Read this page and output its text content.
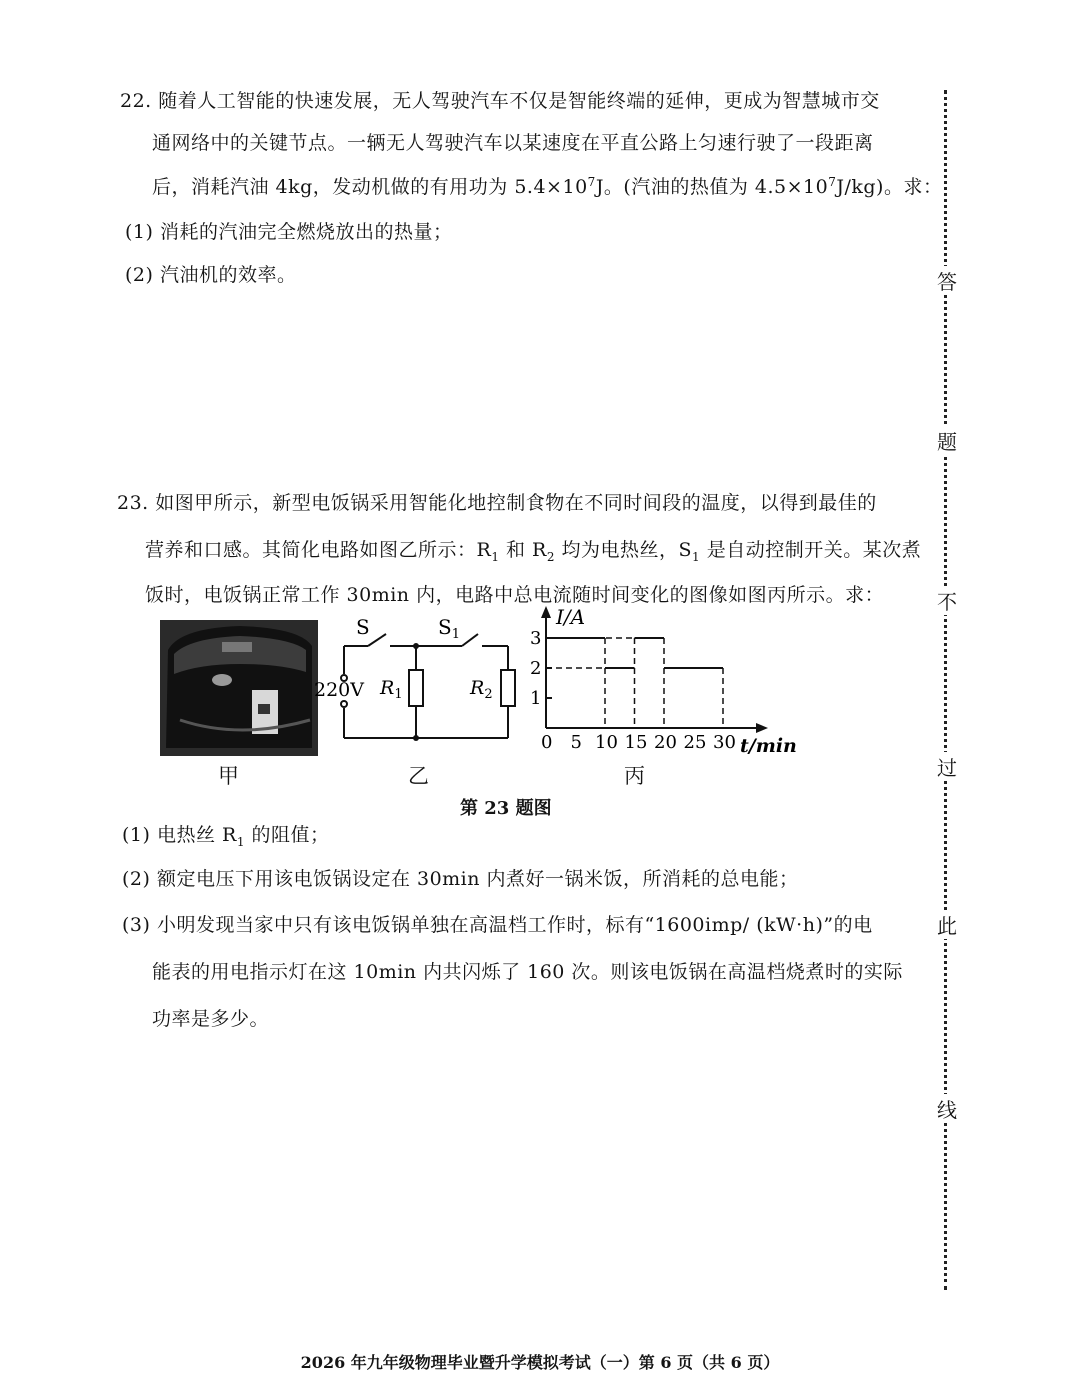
22. 随着人工智能的快速发展，无人驾驶汽车不仅是智能终端的延伸，更成为智慧城市交
通网络中的关键节点。一辆无人驾驶汽车以某速度在平直公路上匀速行驶了一段距离
后，消耗汽油 4kg，发动机做的有用功为 $5.4\times 10^7J$。(汽油的热值为 $4.5\times 10^7J/kg$)。求：
(1) 消耗的汽油完全燃烧放出的热量；
(2) 汽油机的效率。
23. 如图甲所示，新型电饭锅采用智能化地控制食物在不同时间段的温度，以得到最佳的
营养和口感。其简化电路如图乙所示：$R_1$ 和 $R_2$ 均为电热丝，$S_1$ 是自动控制开关。某次煮
饭时，电饭锅正常工作 30min 内，电路中总电流随时间变化的图像如图丙所示。求：
甲
S	$S_1$
220V $R_1$	$R_2$
乙
I/A
t/min
1
2
3
0 5 10 15 20 25 30
丙
第 23 题图
(1) 电热丝 $R_1$ 的阻值；
(2) 额定电压下用该电饭锅设定在 30min 内煮好一锅米饭，所消耗的总电能；
(3) 小明发现当家中只有该电饭锅单独在高温档工作时，标有“1600imp/ (kW·h)”的电
能表的用电指示灯在这 10min 内共闪烁了 160 次。则该电饭锅在高温档烧煮时的实际
功率是多少。
答
题
不
过
此
线
2026 年九年级物理毕业暨升学模拟考试（一）第 6 页（共 6 页）
